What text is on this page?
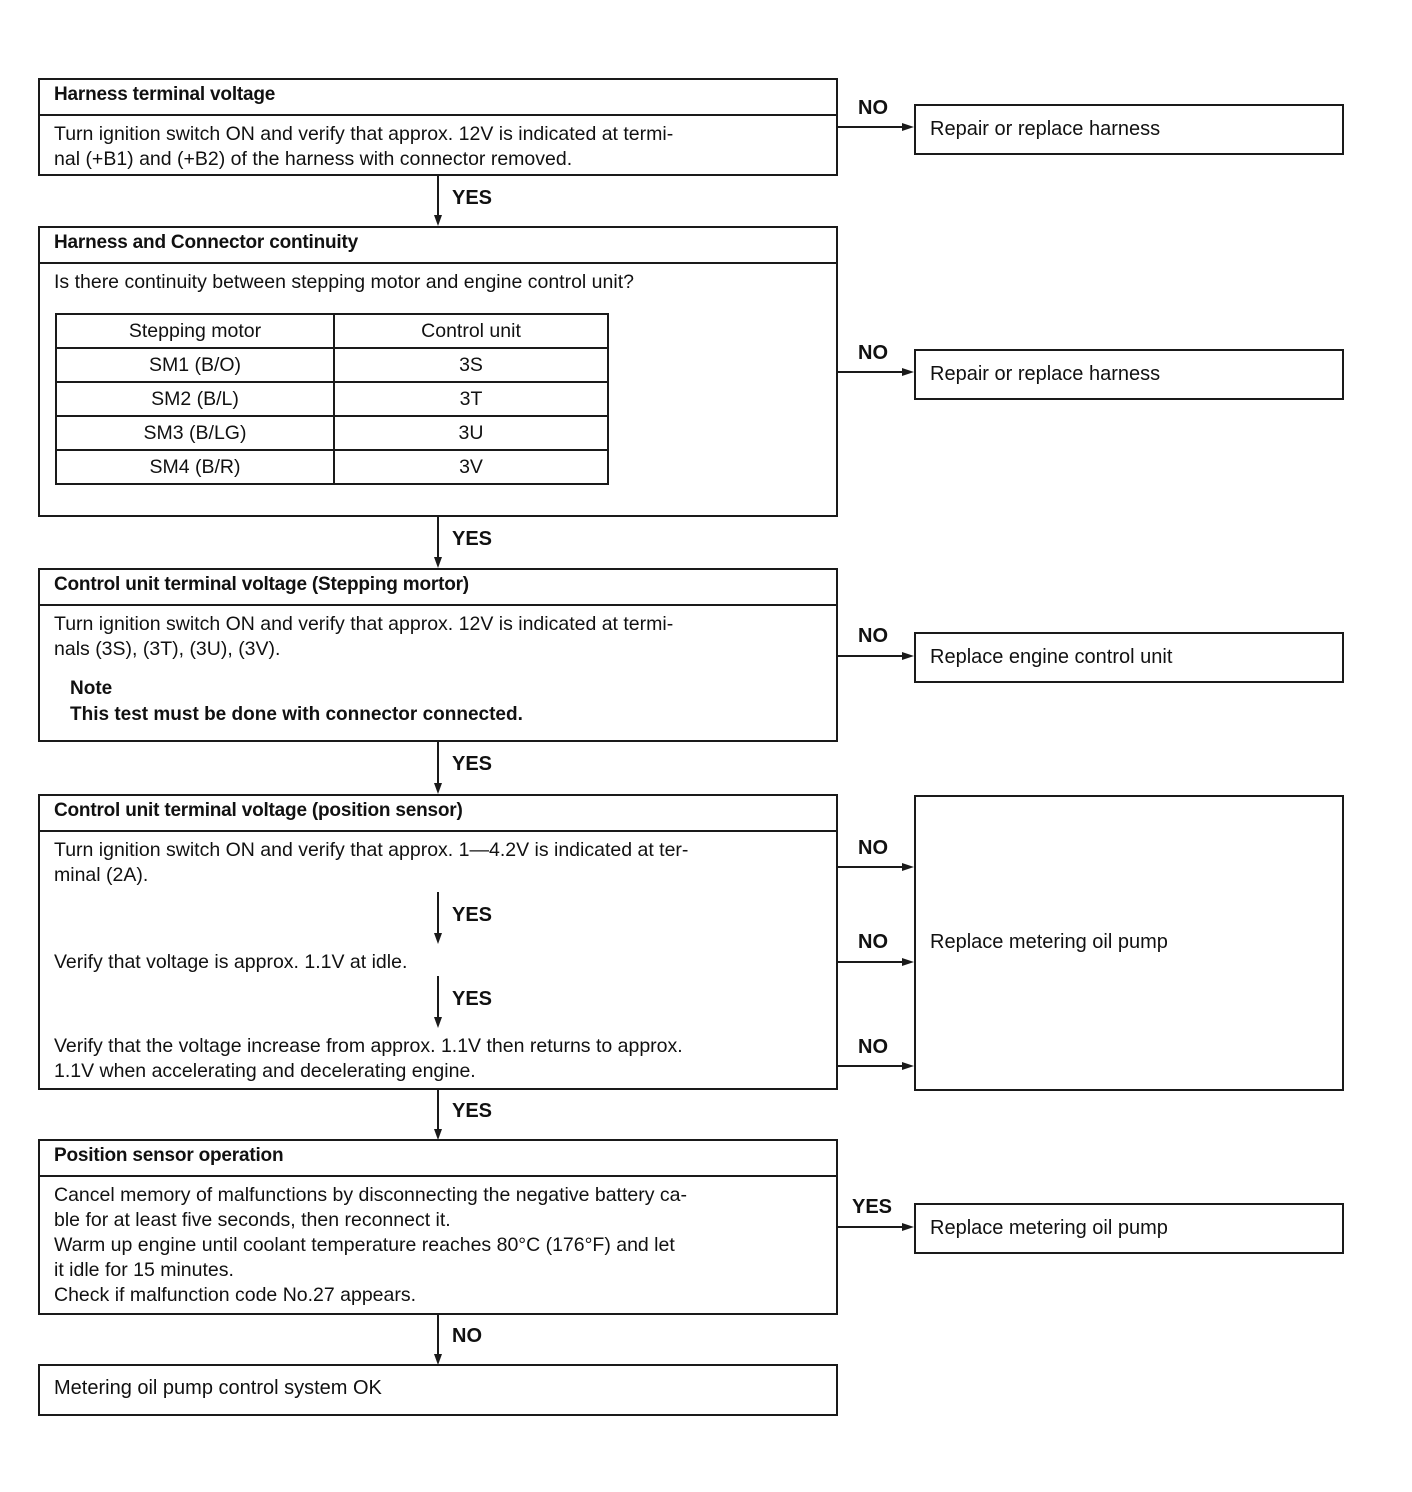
Harness terminal voltage
Turn ignition switch ON and verify that approx. 12V is indicated at termi-
nal (+B1) and (+B2) of the harness with connector removed.
NO
Repair or replace harness
YES
Harness and Connector continuity
Is there continuity between stepping motor and engine control unit?
Stepping motor	Control unit
SM1 (B/O)	3S
SM2 (B/L)	3T
SM3 (B/LG)	3U
SM4 (B/R)	3V
NO
Repair or replace harness
YES
Control unit terminal voltage (Stepping mortor)
Turn ignition switch ON and verify that approx. 12V is indicated at termi-
nals (3S), (3T), (3U), (3V).
Note
This test must be done with connector connected.
NO
Replace engine control unit
YES
Control unit terminal voltage (position sensor)
Turn ignition switch ON and verify that approx. 1—4.2V is indicated at ter-
minal (2A).
Verify that voltage is approx. 1.1V at idle.
Verify that the voltage increase from approx. 1.1V then returns to approx.
1.1V when accelerating and decelerating engine.
YES
YES
NO
NO
NO
Replace metering oil pump
YES
Position sensor operation
Cancel memory of malfunctions by disconnecting the negative battery ca-
ble for at least five seconds, then reconnect it.
Warm up engine until coolant temperature reaches 80°C (176°F) and let
it idle for 15 minutes.
Check if malfunction code No.27 appears.
YES
Replace metering oil pump
NO
Metering oil pump control system OK
